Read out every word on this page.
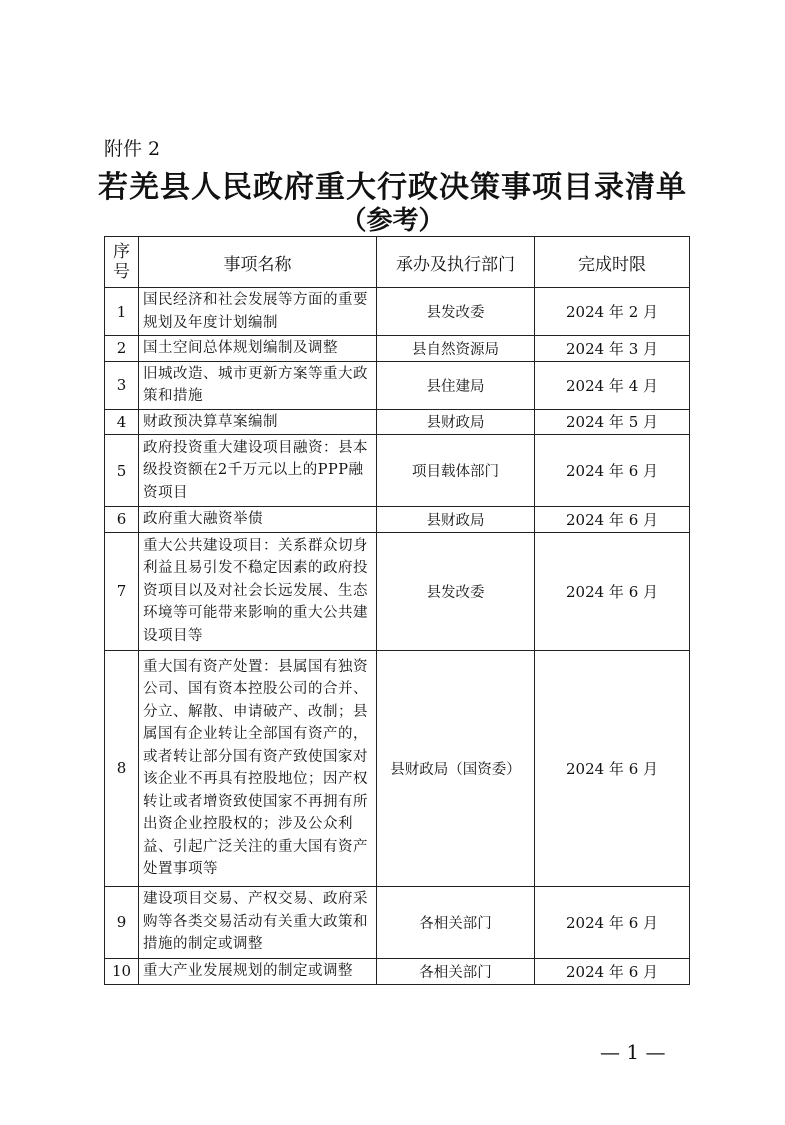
附件 2
若羌县人民政府重大行政决策事项目录清单
（参考）
序号	事项名称	承办及执行部门	完成时限
1	国民经济和社会发展等方面的重要规划及年度计划编制	县发改委	2024 年 2 月
2	国土空间总体规划编制及调整	县自然资源局	2024 年 3 月
3	旧城改造、城市更新方案等重大政策和措施	县住建局	2024 年 4 月
4	财政预决算草案编制	县财政局	2024 年 5 月
5	政府投资重大建设项目融资：县本级投资额在2千万元以上的PPP融资项目	项目载体部门	2024 年 6 月
6	政府重大融资举债	县财政局	2024 年 6 月
7	重大公共建设项目：关系群众切身利益且易引发不稳定因素的政府投资项目以及对社会长远发展、生态环境等可能带来影响的重大公共建设项目等	县发改委	2024 年 6 月
8	重大国有资产处置：县属国有独资公司、国有资本控股公司的合并、分立、解散、申请破产、改制；县属国有企业转让全部国有资产的，或者转让部分国有资产致使国家对该企业不再具有控股地位；因产权转让或者增资致使国家不再拥有所出资企业控股权的；涉及公众利益、引起广泛关注的重大国有资产处置事项等	县财政局（国资委）	2024 年 6 月
9	建设项目交易、产权交易、政府采购等各类交易活动有关重大政策和措施的制定或调整	各相关部门	2024 年 6 月
10	重大产业发展规划的制定或调整	各相关部门	2024 年 6 月
— 1 —
